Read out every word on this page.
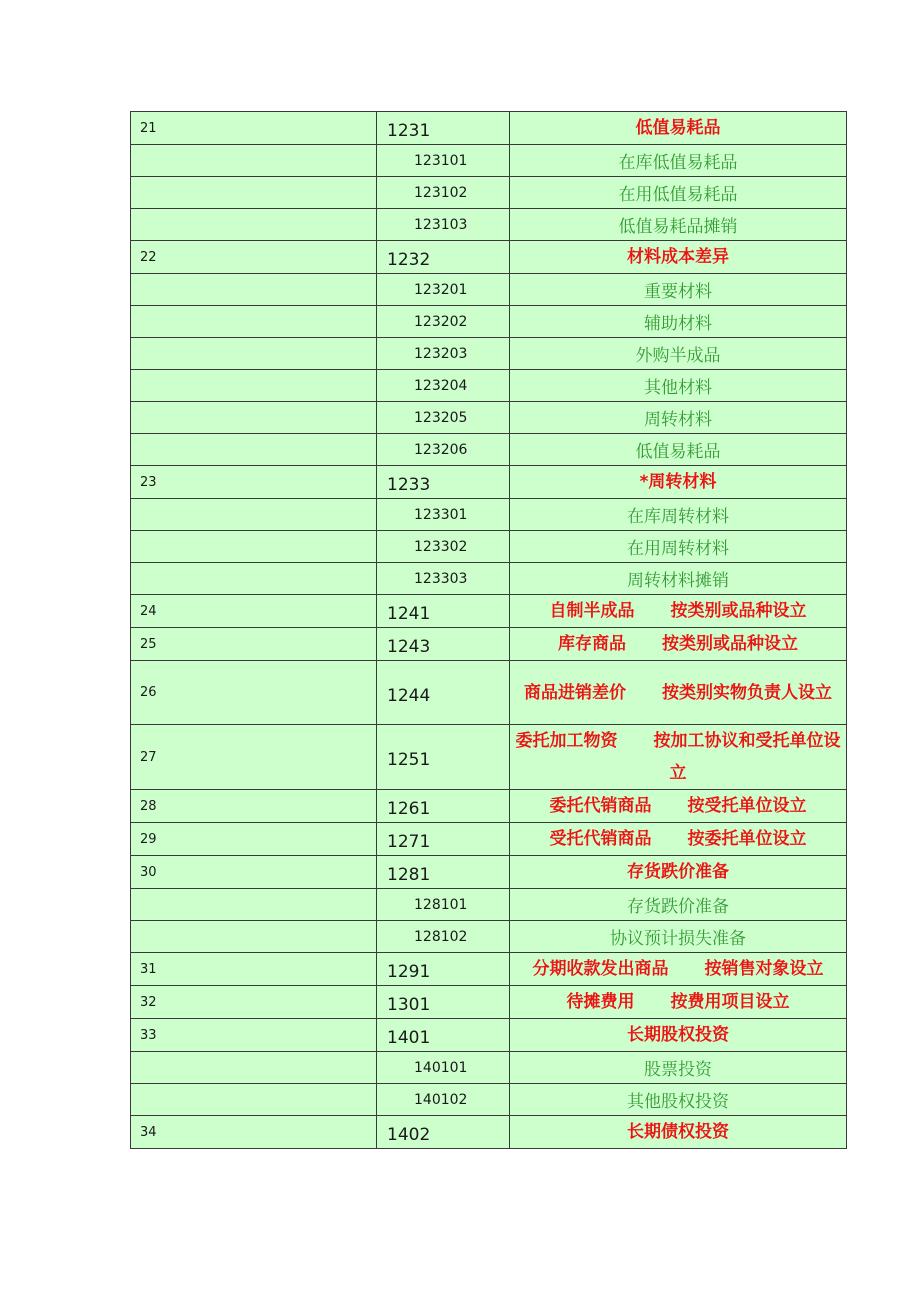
21	1231	低值易耗品
	123101	在库低值易耗品
	123102	在用低值易耗品
	123103	低值易耗品摊销
22	1232	材料成本差异
	123201	重要材料
	123202	辅助材料
	123203	外购半成品
	123204	其他材料
	123205	周转材料
	123206	低值易耗品
23	1233	*周转材料
	123301	在库周转材料
	123302	在用周转材料
	123303	周转材料摊销
24	1241	自制半成品 按类别或品种设立
25	1243	库存商品 按类别或品种设立
26	1244	商品进销差价 按类别实物负责人设立
27	1251	委托加工物资 按加工协议和受托单位设立
28	1261	委托代销商品 按受托单位设立
29	1271	受托代销商品 按委托单位设立
30	1281	存货跌价准备
	128101	存货跌价准备
	128102	协议预计损失准备
31	1291	分期收款发出商品 按销售对象设立
32	1301	待摊费用 按费用项目设立
33	1401	长期股权投资
	140101	股票投资
	140102	其他股权投资
34	1402	长期债权投资
